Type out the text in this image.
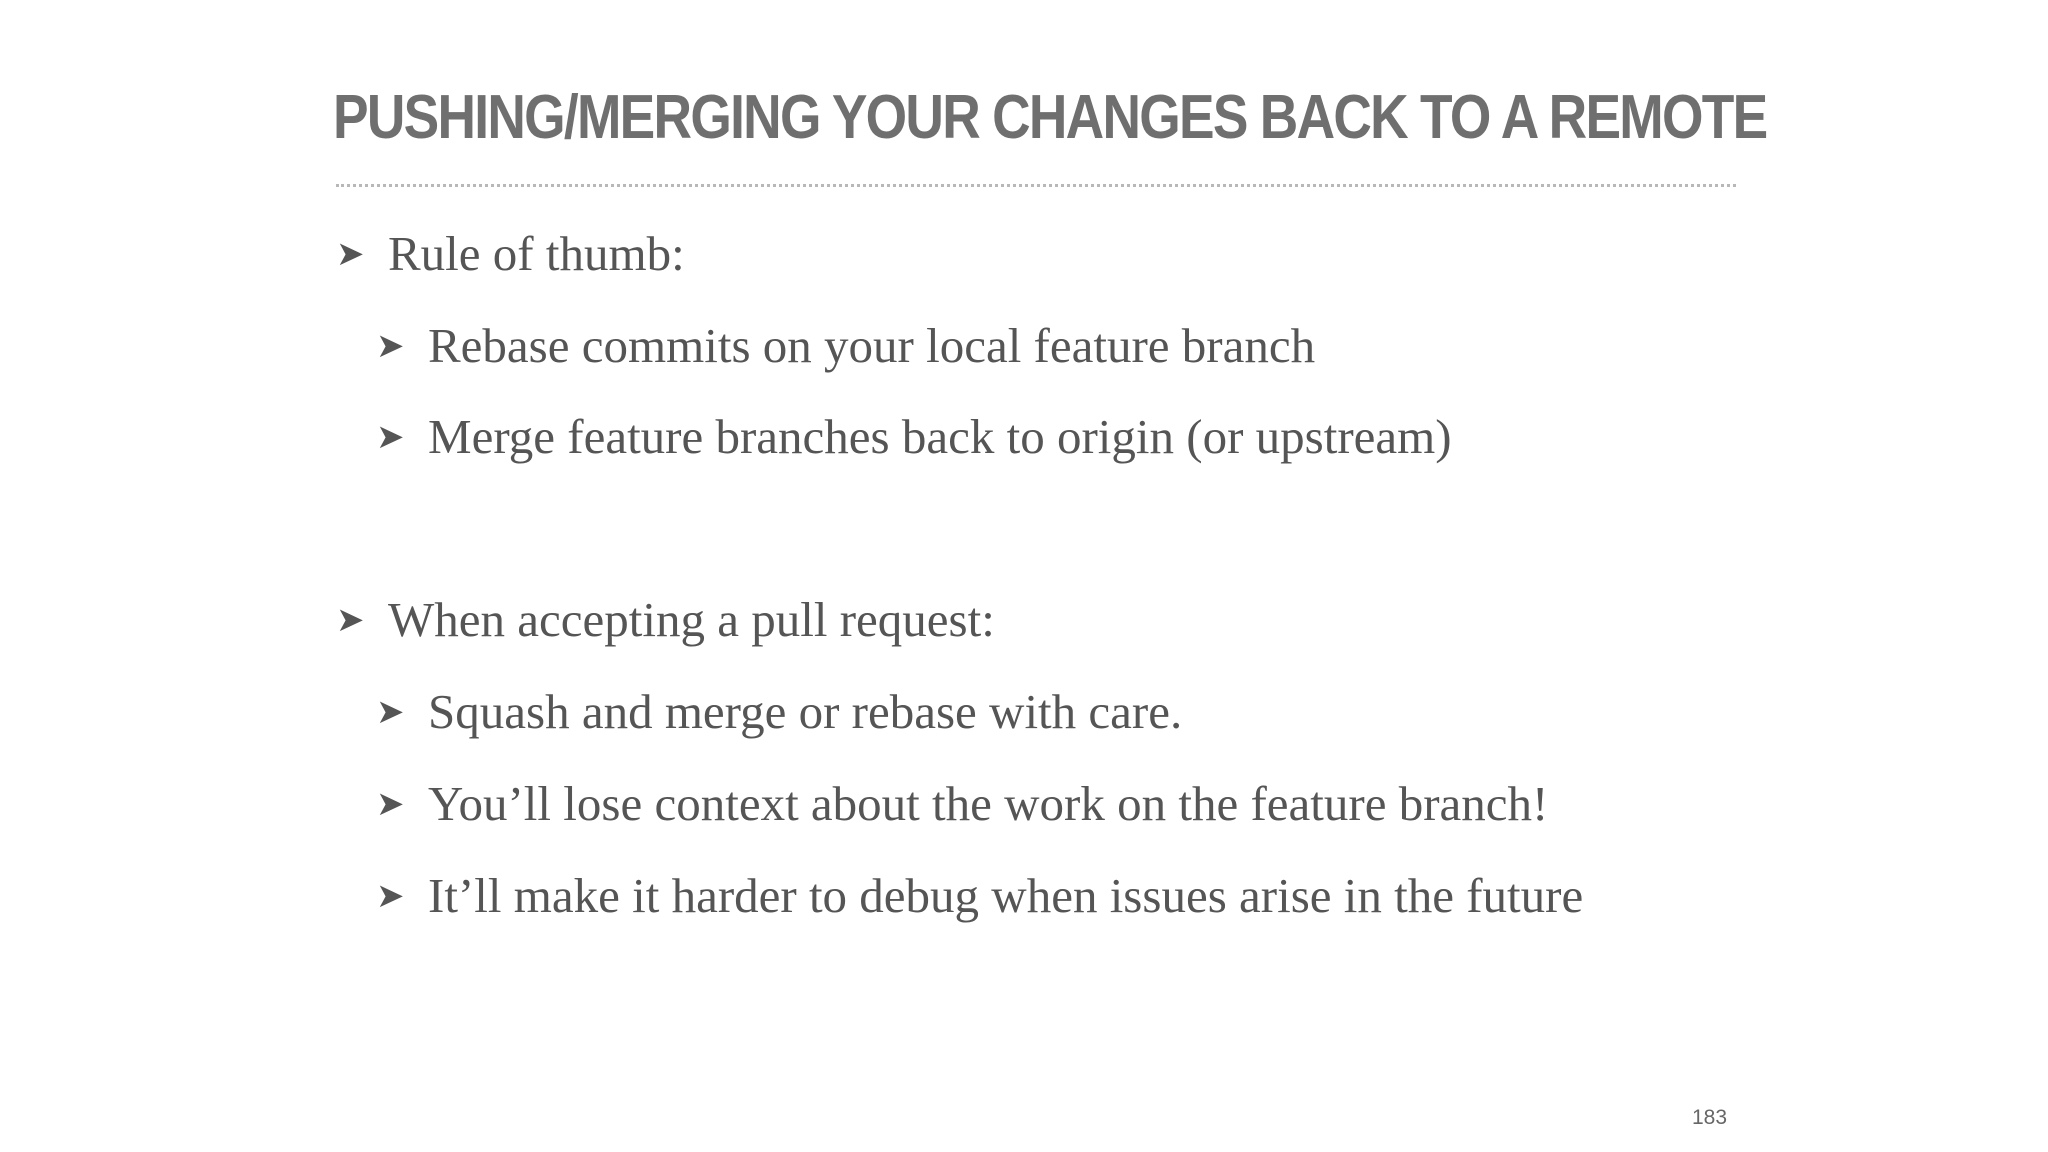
PUSHING/MERGING YOUR CHANGES BACK TO A REMOTE
➤ Rule of thumb:
➤ Rebase commits on your local feature branch
➤ Merge feature branches back to origin (or upstream)
➤ When accepting a pull request:
➤ Squash and merge or rebase with care.
➤ You’ll lose context about the work on the feature branch!
➤ It’ll make it harder to debug when issues arise in the future
183
